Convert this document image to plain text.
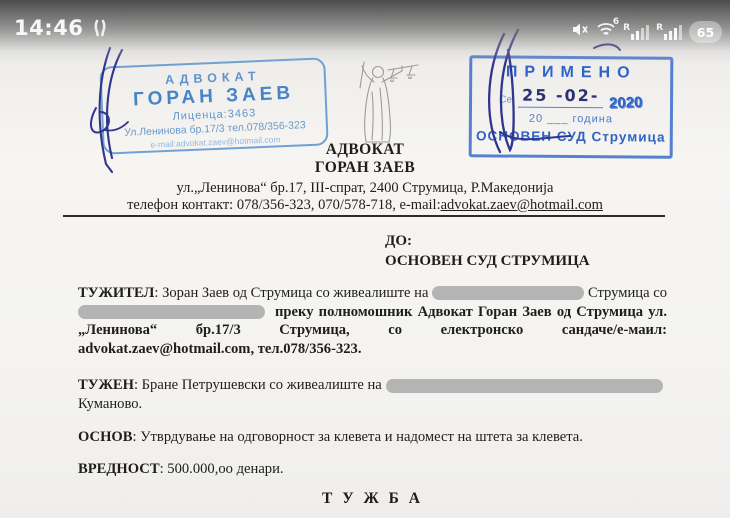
14:46	6
R	R	65
АДВОКАТ
ГОРАН ЗАЕВ
Лиценца:3463
Ул.Ленинова бр.17/3 тел.078/356-323
e-mail:advokat.zaev@hotmail.com
ПРИМЕНО
Се 25 -02- 2020
20 ___ година
ОСНОВЕН СУД Струмица
АДВОКАТ
ГОРАН ЗАЕВ
ул.„Ленинова“ бр.17, III-спрат, 2400 Струмица, Р.Македонија
телефон контакт: 078/356-323, 070/578-718, e-mail:advokat.zaev@hotmail.com
ДО:
ОСНОВЕН СУД СТРУМИЦА
ТУЖИТЕЛ : Зоран Заев од Струмица со живеалиште на	Струмица со
преку полномошник Адвокат Горан Заев од Струмица ул.
„Ленинова“ бр.17/3 Струмица, со електронско сандаче/е-маил:
advokat.zaev@hotmail.com, тел.078/356-323.
ТУЖЕН : Бране Петрушевски со живеалиште на
Куманово.
ОСНОВ: Утврдување на одговорност за клевета и надомест на штета за клевета.
ВРЕДНОСТ: 500.000,оо денари.
Т У Ж Б А
